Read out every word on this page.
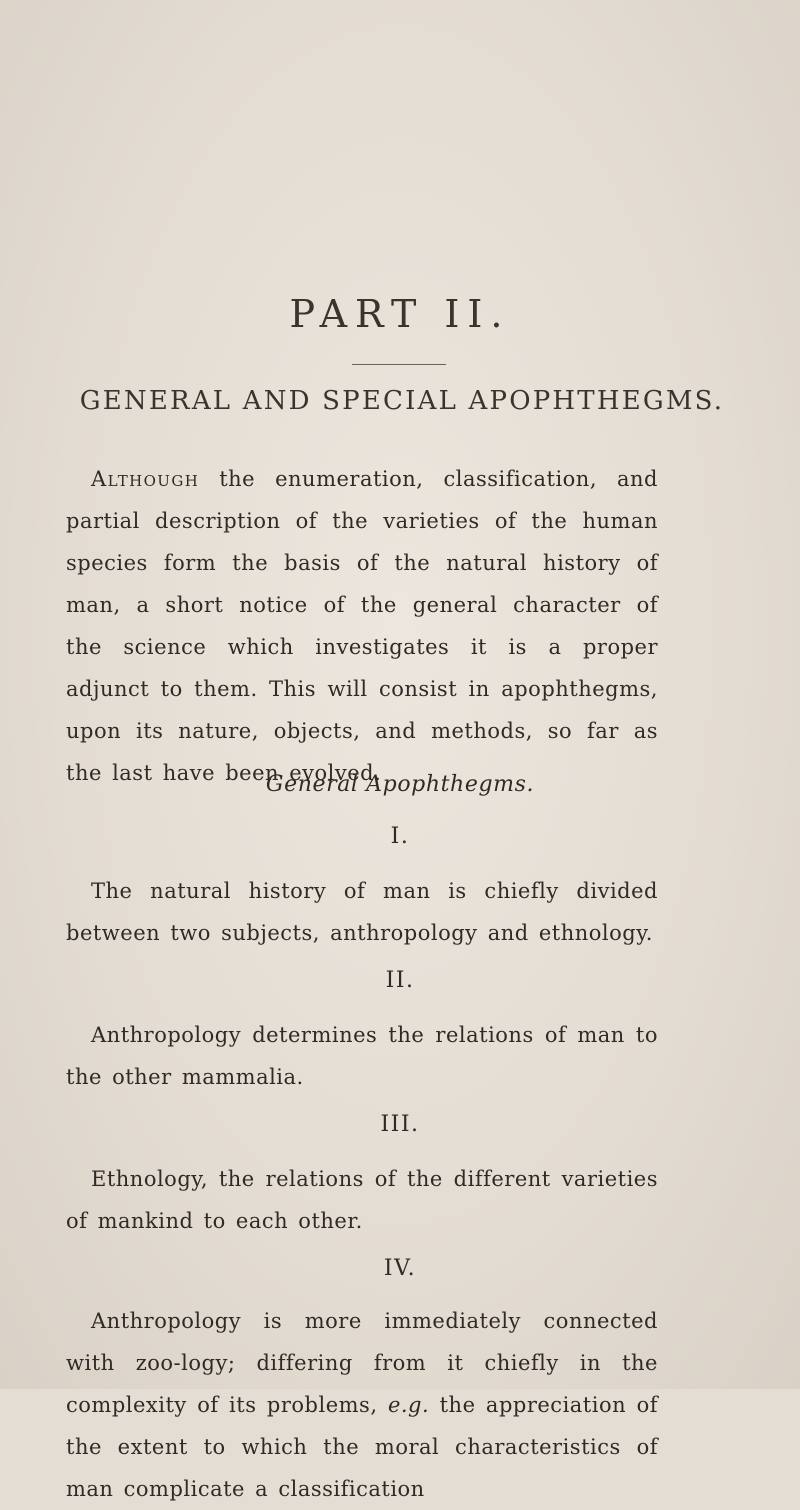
PART II.
GENERAL AND SPECIAL APOPHTHEGMS.

Although the enumeration, classification, and partial description of the varieties of the human species form the basis of the natural history of man, a short notice of the general character of the science which investigates it is a proper adjunct to them. This will consist in apophthegms, upon its nature, objects, and methods, so far as the last have been evolved.

General Apophthegms.
I.

The natural history of man is chiefly divided between two subjects, anthropology and ethnology.

II.

Anthropology determines the relations of man to the other mammalia.

III.

Ethnology, the relations of the different varieties of mankind to each other.

IV.

Anthropology is more immediately connected with zoo-logy; differing from it chiefly in the complexity of its problems, e.g. the appreciation of the extent to which the moral characteristics of man complicate a classification
